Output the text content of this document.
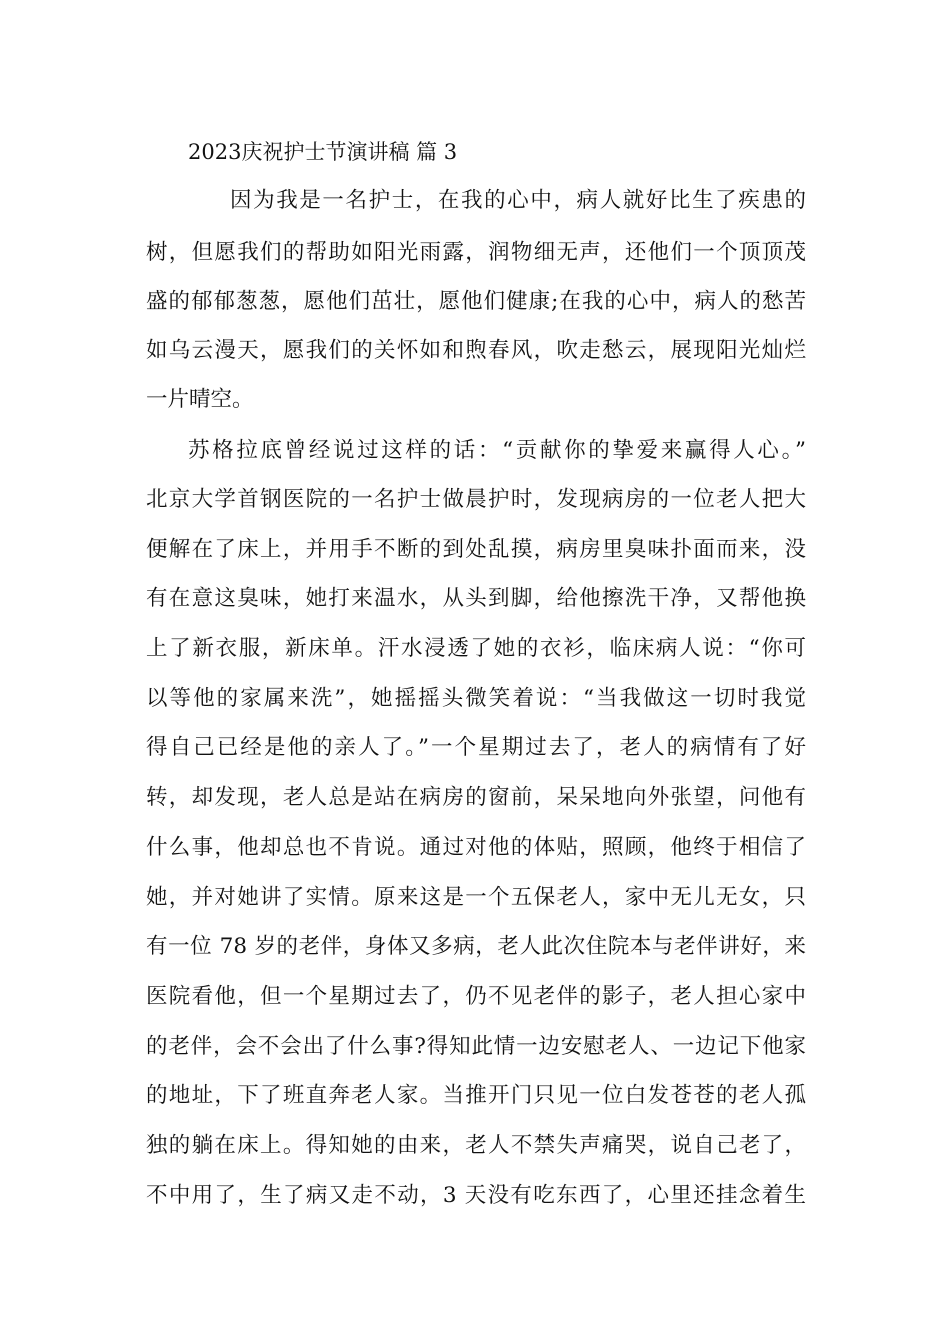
2023庆祝护士节演讲稿 篇 3
因为我是一名护士，在我的心中，病人就好比生了疾患的
树，但愿我们的帮助如阳光雨露，润物细无声，还他们一个顶顶茂
盛的郁郁葱葱，愿他们茁壮，愿他们健康;在我的心中，病人的愁苦
如乌云漫天，愿我们的关怀如和煦春风，吹走愁云，展现阳光灿烂
一片晴空。
苏格拉底曾经说过这样的话：“贡献你的挚爱来赢得人心。”
北京大学首钢医院的一名护士做晨护时，发现病房的一位老人把大
便解在了床上，并用手不断的到处乱摸，病房里臭味扑面而来，没
有在意这臭味，她打来温水，从头到脚，给他擦洗干净，又帮他换
上了新衣服，新床单。汗水浸透了她的衣衫，临床病人说：“你可
以等他的家属来洗”，她摇摇头微笑着说：“当我做这一切时我觉
得自己已经是他的亲人了。”一个星期过去了，老人的病情有了好
转，却发现，老人总是站在病房的窗前，呆呆地向外张望，问他有
什么事，他却总也不肯说。通过对他的体贴，照顾，他终于相信了
她，并对她讲了实情。原来这是一个五保老人，家中无儿无女，只
有一位 78 岁的老伴，身体又多病，老人此次住院本与老伴讲好，来
医院看他，但一个星期过去了，仍不见老伴的影子，老人担心家中
的老伴，会不会出了什么事?得知此情一边安慰老人、一边记下他家
的地址，下了班直奔老人家。当推开门只见一位白发苍苍的老人孤
独的躺在床上。得知她的由来，老人不禁失声痛哭，说自己老了，
不中用了，生了病又走不动，3 天没有吃东西了，心里还挂念着生
